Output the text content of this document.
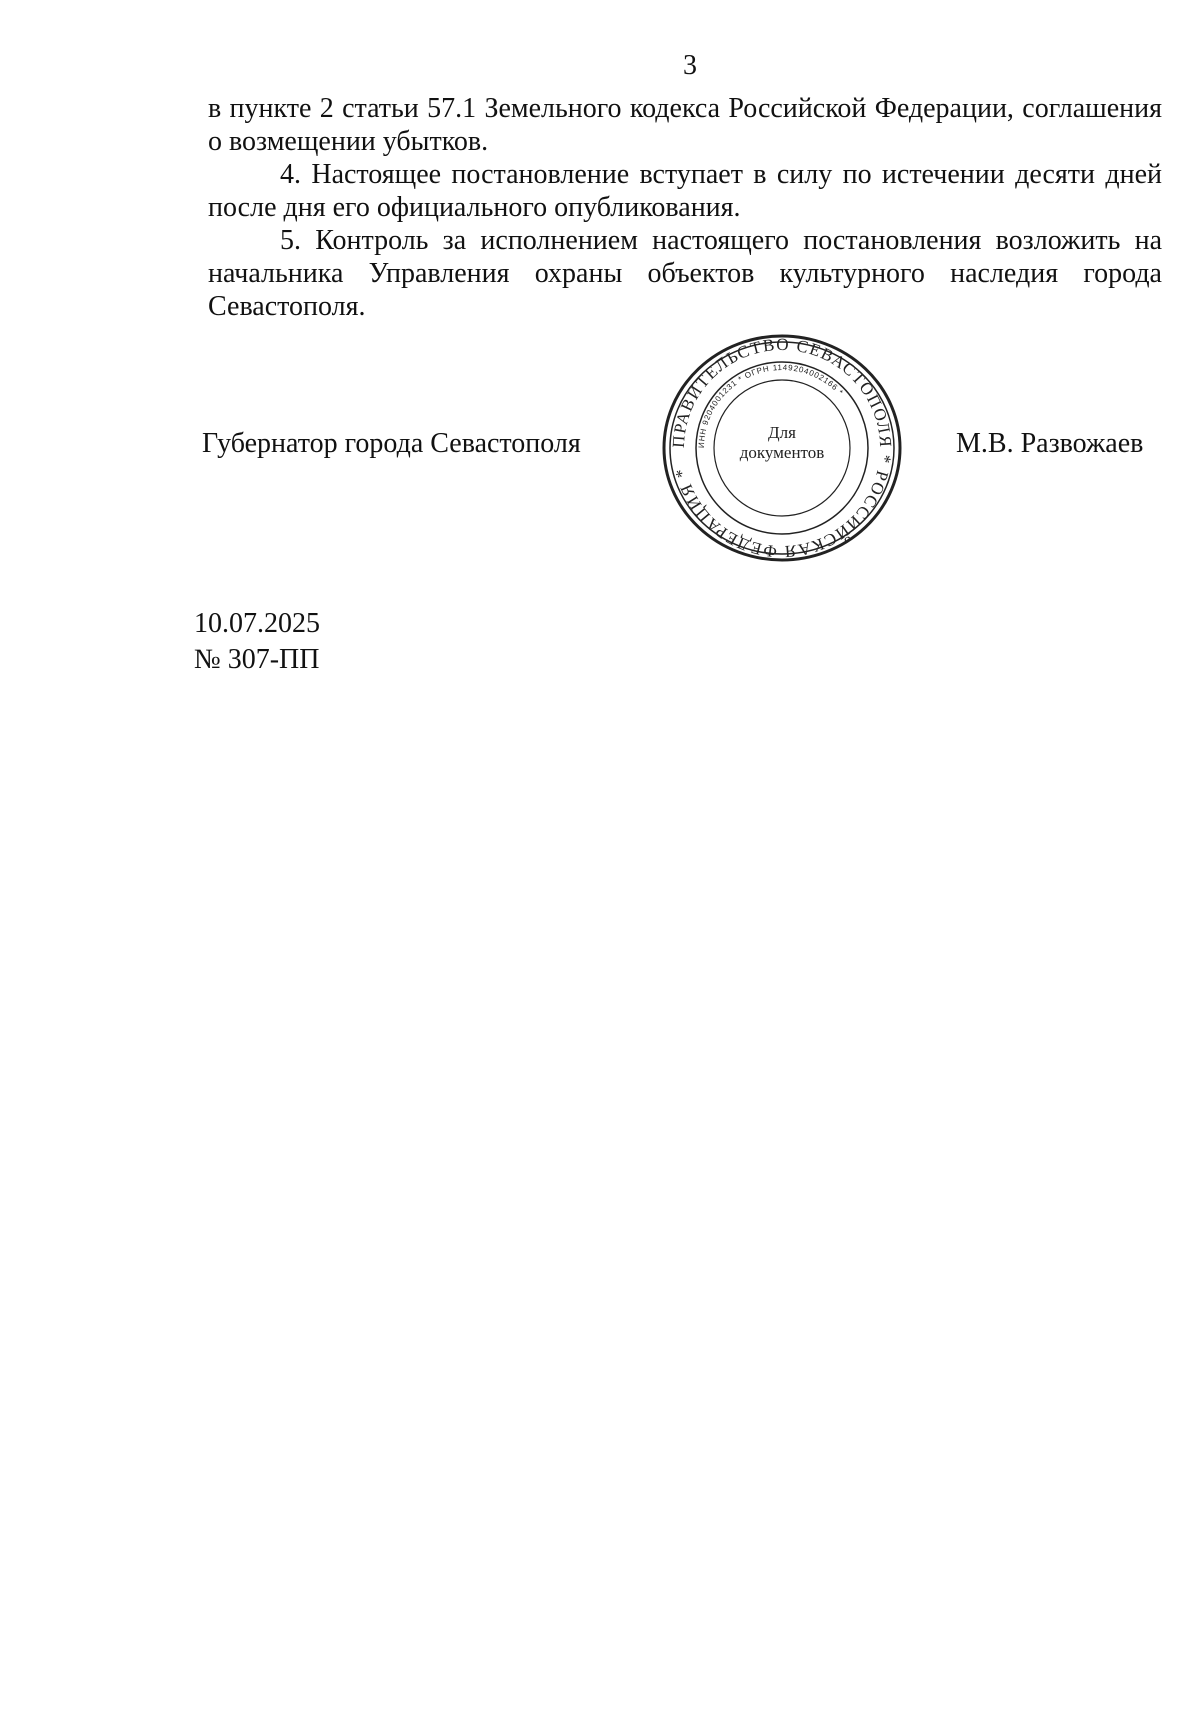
3

в пункте 2 статьи 57.1 Земельного кодекса Российской Федерации, соглашения о возмещении убытков.

4. Настоящее постановление вступает в силу по истечении десяти дней после дня его официального опубликования.

5. Контроль за исполнением настоящего постановления возложить на начальника Управления охраны объектов культурного наследия города Севастополя.

Губернатор города Севастополя	ПРАВИТЕЛЬСТВО СЕВАСТОПОЛЯ * РОССИЙСКАЯ ФЕДЕРАЦИЯ *
ИНН 9204001231 * ОГРН 1149204002166 *
Для
документов	М.В. Развожаев
10.07.2025
№ 307-ПП
